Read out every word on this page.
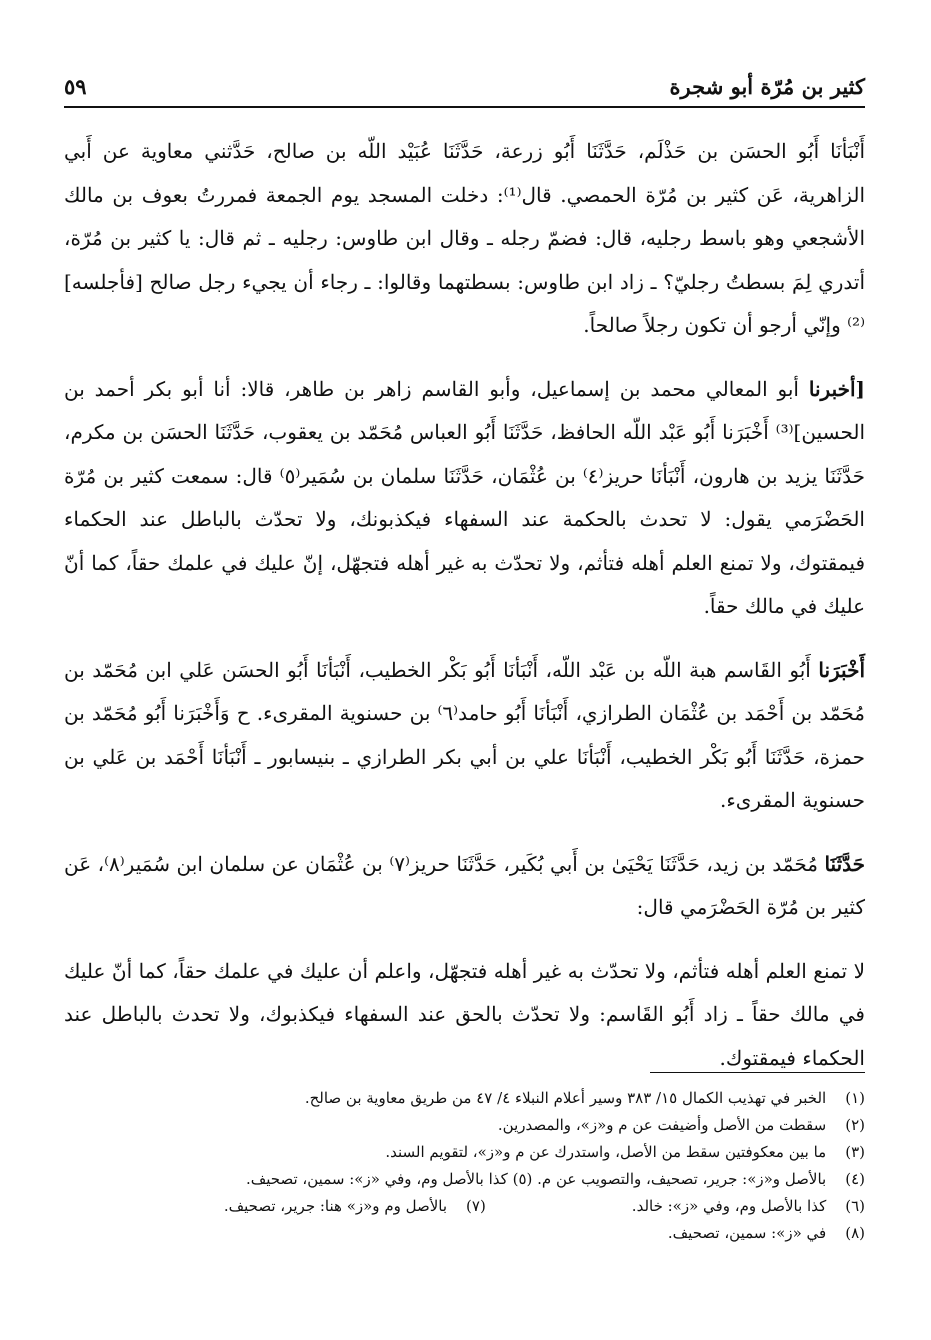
كثير بن مُرّة أبو شجرة
٥٩

أَنْبَأنَا أَبُو الحسَن بن حَذْلَم، حَدَّثَنَا أَبُو زرعة، حَدَّثَنَا عُبَيْد اللّه بن صالح، حَدَّثني معاوية عن أَبي الزاهرية، عَن كثير بن مُرّة الحمصي. قال⁽¹⁾: دخلت المسجد يوم الجمعة فمررتُ بعوف بن مالك الأشجعي وهو باسط رجليه، قال: فضمّ رجله ـ وقال ابن طاوس: رجليه ـ ثم قال: يا كثير بن مُرّة، أتدري لِمَ بسطتُ رجليّ؟ ـ زاد ابن طاوس: بسطتهما وقالوا: ـ رجاء أن يجيء رجل صالح [فأجلسه]⁽²⁾ وإنّي أرجو أن تكون رجلاً صالحاً.

[أخبرنا أبو المعالي محمد بن إسماعيل، وأبو القاسم زاهر بن طاهر، قالا: أنا أبو بكر أحمد بن الحسين]⁽³⁾ أَخْبَرَنا أَبُو عَبْد اللّه الحافظ، حَدَّثَنَا أَبُو العباس مُحَمّد بن يعقوب، حَدَّثَنَا الحسَن بن مكرم، حَدَّثَنَا يزيد بن هارون، أَنْبَأنَا حريز⁽٤⁾ بن عُثْمَان، حَدَّثَنَا سلمان بن سُمَير⁽٥⁾ قال: سمعت كثير بن مُرّة الحَضْرَمي يقول: لا تحدث بالحكمة عند السفهاء فيكذبونك، ولا تحدّث بالباطل عند الحكماء فيمقتوك، ولا تمنع العلم أهله فتأثم، ولا تحدّث به غير أهله فتجهّل، إنّ عليك في علمك حقاً، كما أنّ عليك في مالك حقاً.

أَخْبَرَنا أَبُو القَاسم هبة اللّه بن عَبْد اللّه، أَنْبَأنَا أَبُو بَكْر الخطيب، أَنْبَأنَا أَبُو الحسَن عَلي ابن مُحَمّد بن مُحَمّد بن أَحْمَد بن عُثْمَان الطرازي، أَنْبَأنَا أَبُو حامد⁽٦⁾ بن حسنوية المقرىء. ح وَأَخْبَرَنا أَبُو مُحَمّد بن حمزة، حَدَّثَنَا أَبُو بَكْر الخطيب، أَنْبَأنَا علي بن أبي بكر الطرازي ـ بنيسابور ـ أَنْبَأنَا أَحْمَد بن عَلي بن حسنوية المقرىء.

حَدَّثَنَا مُحَمّد بن زيد، حَدَّثَنَا يَحْيَىٰ بن أَبي بُكَير، حَدَّثَنَا حريز⁽٧⁾ بن عُثْمَان عن سلمان ابن سُمَير⁽٨⁾، عَن كثير بن مُرّة الحَضْرَمي قال:

لا تمنع العلم أهله فتأثم، ولا تحدّث به غير أهله فتجهّل، واعلم أن عليك في علمك حقاً، كما أنّ عليك في مالك حقاً ـ زاد أَبُو القَاسم: ولا تحدّث بالحق عند السفهاء فيكذبوك، ولا تحدث بالباطل عند الحكماء فيمقتوك.

(١) الخبر في تهذيب الكمال ١٥/ ٣٨٣ وسير أعلام النبلاء ٤/ ٤٧ من طريق معاوية بن صالح.
(٢) سقطت من الأصل وأضيفت عن م و«ز»، والمصدرين.
(٣) ما بين معكوفتين سقط من الأصل، واستدرك عن م و«ز»، لتقويم السند.
(٤) بالأصل و«ز»: جرير، تصحيف، والتصويب عن م. (٥) كذا بالأصل وم، وفي «ز»: سمين، تصحيف.
(٦) كذا بالأصل وم، وفي «ز»: خالد.
(٧) بالأصل وم و«ز» هنا: جرير، تصحيف.
(٨) في «ز»: سمين، تصحيف.
